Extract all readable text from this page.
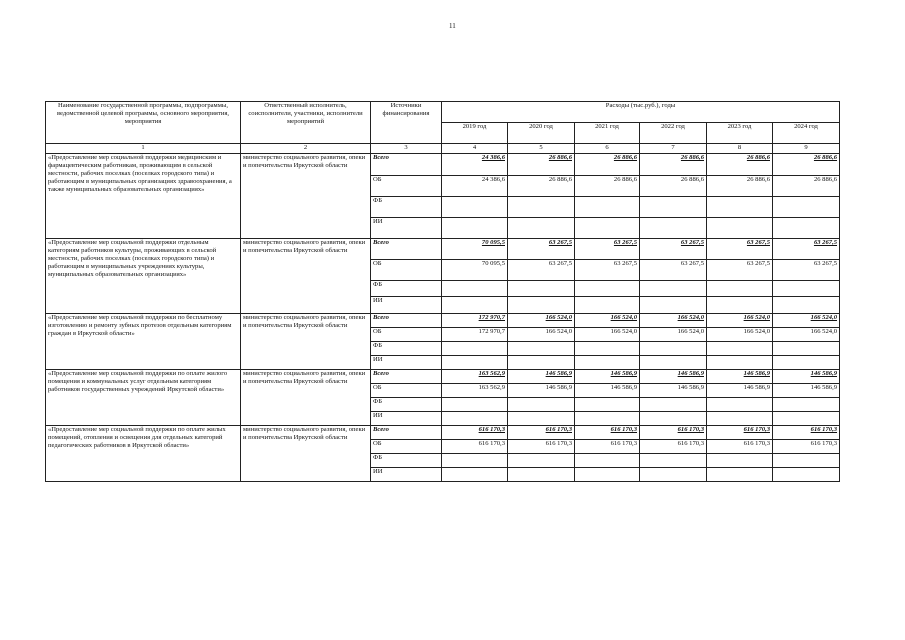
11
Наименование государственной программы, подпрограммы, ведомственной целевой программы, основного мероприятия, мероприятия	Ответственный исполнитель, соисполнители, участники, исполнители мероприятий	Источники финансирования	Расходы (тыс.руб.), годы					
			2019 год	2020 год	2021 год	2022 год	2023 год	2024 год
1	2	3	4	5	6	7	8	9
«Предоставление мер социальной поддержки медицинским и фармацевтическим работникам, проживающим в сельской местности, рабочих поселках (поселках городского типа) и работающим в муниципальных организациях здравоохранения, а также муниципальных образовательных организациях»	министерство социального развития, опеки и попечительства Иркутской области	Всего	24 386,6	26 886,6	26 886,6	26 886,6	26 886,6	26 886,6
		ОБ	24 386,6	26 886,6	26 886,6	26 886,6	26 886,6	26 886,6
		ФБ						
		ИИ						
«Предоставление мер социальной поддержки отдельным категориям работников культуры, проживающих в сельской местности, рабочих поселках (поселках городского типа) и работающим в муниципальных учреждениях культуры, муниципальных образовательных организациях»	министерство социального развития, опеки и попечительства Иркутской области	Всего	70 095,5	63 267,5	63 267,5	63 267,5	63 267,5	63 267,5
		ОБ	70 095,5	63 267,5	63 267,5	63 267,5	63 267,5	63 267,5
		ФБ						
		ИИ						
«Предоставление мер социальной поддержки по бесплатному изготовлению и ремонту зубных протезов отдельным категориям граждан в Иркутской области»	министерство социального развития, опеки и попечительства Иркутской области	Всего	172 970,7	166 524,0	166 524,0	166 524,0	166 524,0	166 524,0
		ОБ	172 970,7	166 524,0	166 524,0	166 524,0	166 524,0	166 524,0
		ФБ						
		ИИ						
«Предоставление мер социальной поддержки по оплате жилого помещения и коммунальных услуг отдельным категориям работников государственных учреждений Иркутской области»	министерство социального развития, опеки и попечительства Иркутской области	Всего	163 562,9	146 586,9	146 586,9	146 586,9	146 586,9	146 586,9
		ОБ	163 562,9	146 586,9	146 586,9	146 586,9	146 586,9	146 586,9
		ФБ						
		ИИ						
«Предоставление мер социальной поддержки по оплате жилых помещений, отопления и освещения для отдельных категорий педагогических работников в Иркутской области»	министерство социального развития, опеки и попечительства Иркутской области	Всего	616 170,3	616 170,3	616 170,3	616 170,3	616 170,3	616 170,3
		ОБ	616 170,3	616 170,3	616 170,3	616 170,3	616 170,3	616 170,3
		ФБ						
		ИИ						
